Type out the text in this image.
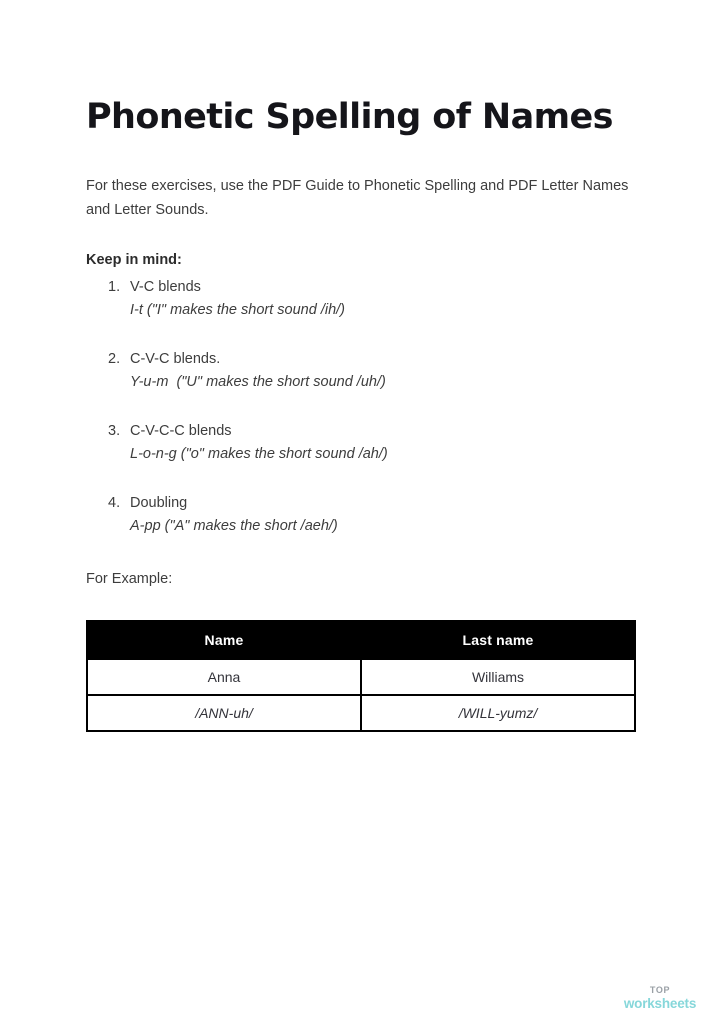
Phonetic Spelling of Names

For these exercises, use the PDF Guide to Phonetic Spelling and PDF Letter Names and Letter Sounds.

Keep in mind:

1. V-C blends
I-t ("I" makes the short sound /ih/)
2. C-V-C blends.
Y-u-m  ("U" makes the short sound /uh/)
3. C-V-C-C blends
L-o-n-g ("o" makes the short sound /ah/)
4. Doubling
A-pp ("A" makes the short /aeh/)

For Example:

Name	Last name
Anna	Williams
/ANN-uh/	/WILL-yumz/
TOP
worksheets
